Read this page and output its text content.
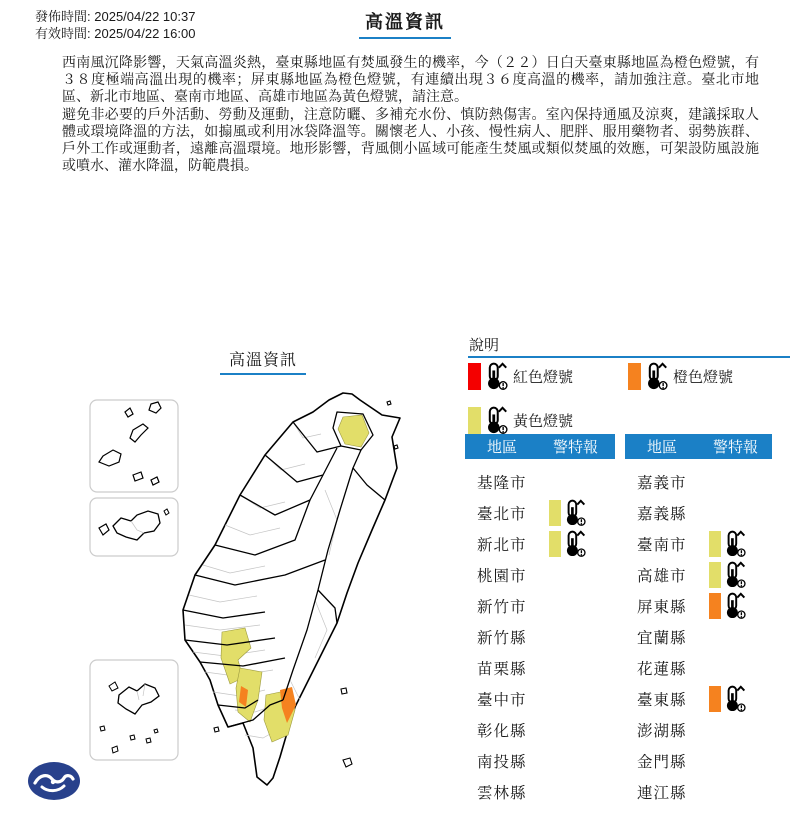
發佈時間: 2025/04/22 10:37
有效時間: 2025/04/22 16:00
高溫資訊

西南風沉降影響，天氣高溫炎熱，臺東縣地區有焚風發生的機率，今（２２）日白天臺東縣地區為橙色燈號，有３８度極端高溫出現的機率；屏東縣地區為橙色燈號，有連續出現３６度高溫的機率，請加強注意。臺北市地區、新北市地區、臺南市地區、高雄市地區為黃色燈號，請注意。

避免非必要的戶外活動、勞動及運動，注意防曬、多補充水份、慎防熱傷害。室內保持通風及涼爽，建議採取人體或環境降溫的方法，如搧風或利用冰袋降溫等。關懷老人、小孩、慢性病人、肥胖、服用藥物者、弱勢族群、戶外工作或運動者，遠離高溫環境。地形影響，背風側小區域可能產生焚風或類似焚風的效應，可架設防風設施或噴水、灌水降溫，防範農損。

高溫資訊
說明
紅色燈號	橙色燈號
黃色燈號
地區 警特報
基隆市
臺北市
新北市
桃園市
新竹市
新竹縣
苗栗縣
臺中市
彰化縣
南投縣
雲林縣
地區 警特報
嘉義市
嘉義縣
臺南市
高雄市
屏東縣
宜蘭縣
花蓮縣
臺東縣
澎湖縣
金門縣
連江縣
